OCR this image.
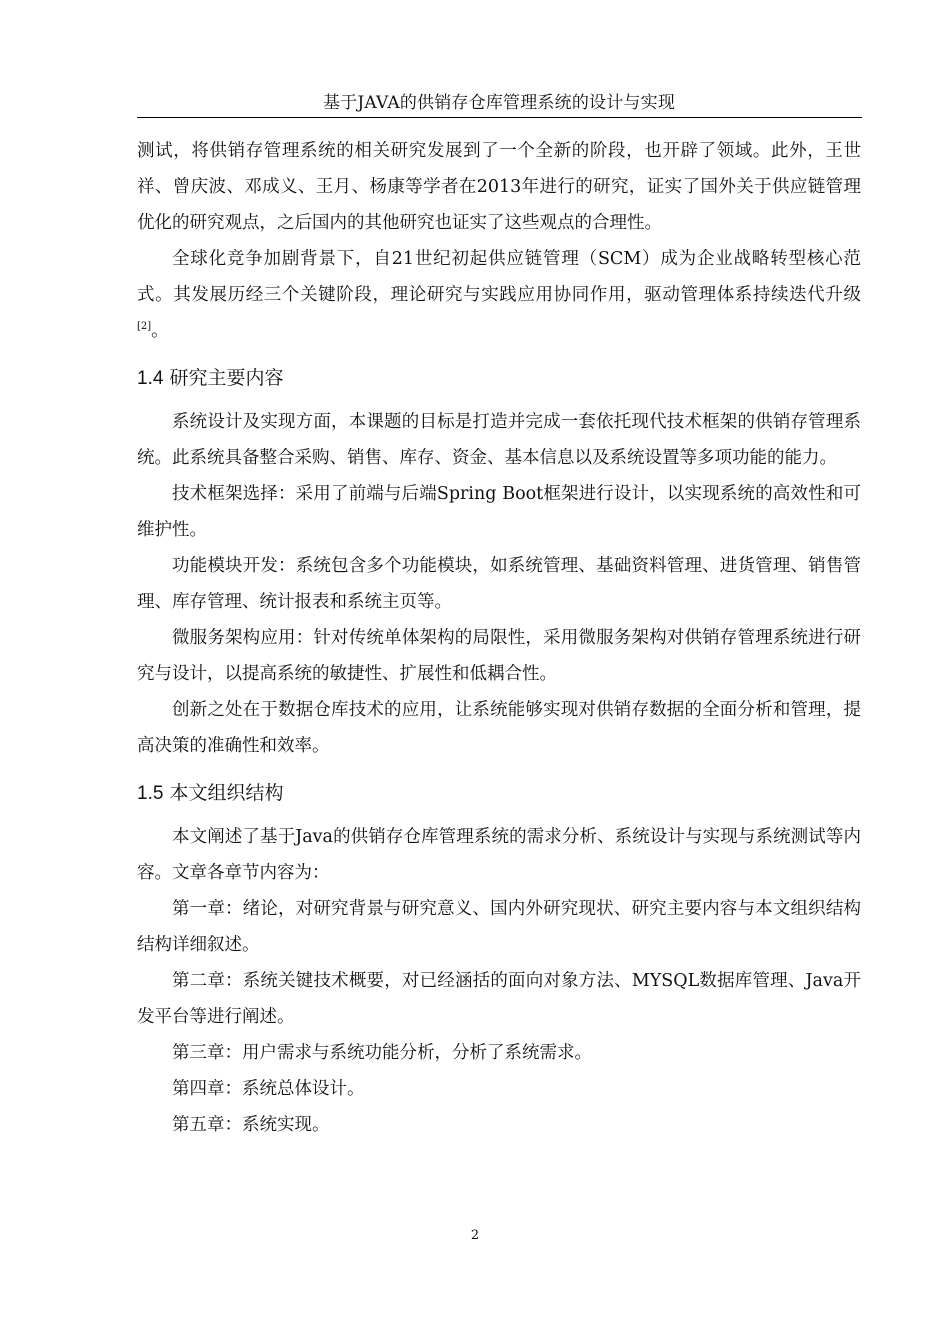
基于JAVA的供销存仓库管理系统的设计与实现

测试，将供销存管理系统的相关研究发展到了一个全新的阶段，也开辟了领域。此外，王世祥、曾庆波、邓成义、王月、杨康等学者在2013年进行的研究，证实了国外关于供应链管理优化的研究观点，之后国内的其他研究也证实了这些观点的合理性。

全球化竞争加剧背景下，自21世纪初起供应链管理（SCM）成为企业战略转型核心范式。其发展历经三个关键阶段，理论研究与实践应用协同作用，驱动管理体系持续迭代升级[2]。

1.4 研究主要内容

系统设计及实现方面，本课题的目标是打造并完成一套依托现代技术框架的供销存管理系统。此系统具备整合采购、销售、库存、资金、基本信息以及系统设置等多项功能的能力。

技术框架选择：采用了前端与后端Spring Boot框架进行设计，以实现系统的高效性和可维护性。

功能模块开发：系统包含多个功能模块，如系统管理、基础资料管理、进货管理、销售管理、库存管理、统计报表和系统主页等。

微服务架构应用：针对传统单体架构的局限性，采用微服务架构对供销存管理系统进行研究与设计，以提高系统的敏捷性、扩展性和低耦合性。

创新之处在于数据仓库技术的应用，让系统能够实现对供销存数据的全面分析和管理，提高决策的准确性和效率。

1.5 本文组织结构

本文阐述了基于Java的供销存仓库管理系统的需求分析、系统设计与实现与系统测试等内容。文章各章节内容为：

第一章：绪论，对研究背景与研究意义、国内外研究现状、研究主要内容与本文组织结构结构详细叙述。

第二章：系统关键技术概要，对已经涵括的面向对象方法、MYSQL数据库管理、Java开发平台等进行阐述。

第三章：用户需求与系统功能分析，分析了系统需求。

第四章：系统总体设计。

第五章：系统实现。

2
